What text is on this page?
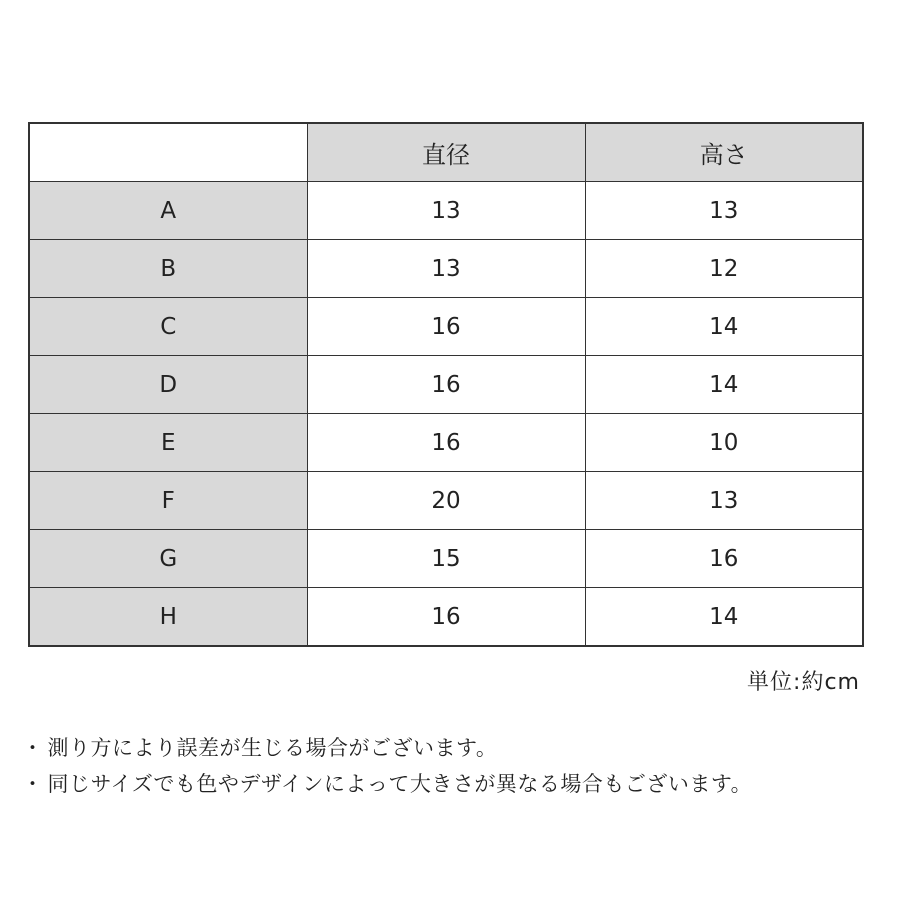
	直径	高さ
A	13	13
B	13	12
C	16	14
D	16	14
E	16	10
F	20	13
G	15	16
H	16	14
単位:約cm
・ 測り方により誤差が生じる場合がございます。
・ 同じサイズでも色やデザインによって大きさが異なる場合もございます。
